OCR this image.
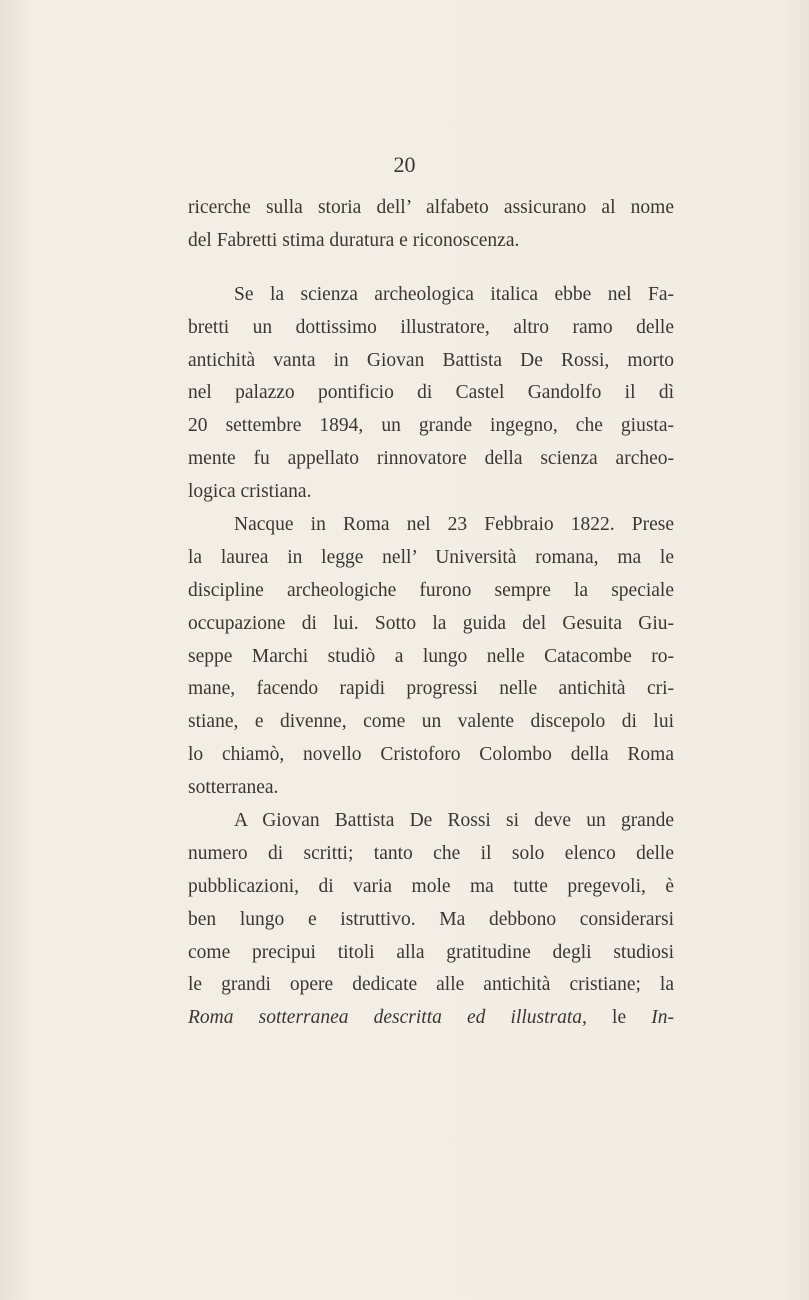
20
ricerche sulla storia dell’ alfabeto assicurano al nome
del Fabretti stima duratura e riconoscenza.
Se la scienza archeologica italica ebbe nel Fa-
bretti un dottissimo illustratore, altro ramo delle
antichità vanta in Giovan Battista De Rossi, morto
nel palazzo pontificio di Castel Gandolfo il dì
20 settembre 1894, un grande ingegno, che giusta-
mente fu appellato rinnovatore della scienza archeo-
logica cristiana.
Nacque in Roma nel 23 Febbraio 1822. Prese
la laurea in legge nell’ Università romana, ma le
discipline archeologiche furono sempre la speciale
occupazione di lui. Sotto la guida del Gesuita Giu-
seppe Marchi studiò a lungo nelle Catacombe ro-
mane, facendo rapidi progressi nelle antichità cri-
stiane, e divenne, come un valente discepolo di lui
lo chiamò, novello Cristoforo Colombo della Roma
sotterranea.
A Giovan Battista De Rossi si deve un grande
numero di scritti; tanto che il solo elenco delle
pubblicazioni, di varia mole ma tutte pregevoli, è
ben lungo e istruttivo. Ma debbono considerarsi
come precipui titoli alla gratitudine degli studiosi
le grandi opere dedicate alle antichità cristiane; la
Roma sotterranea descritta ed illustrata, le In-
